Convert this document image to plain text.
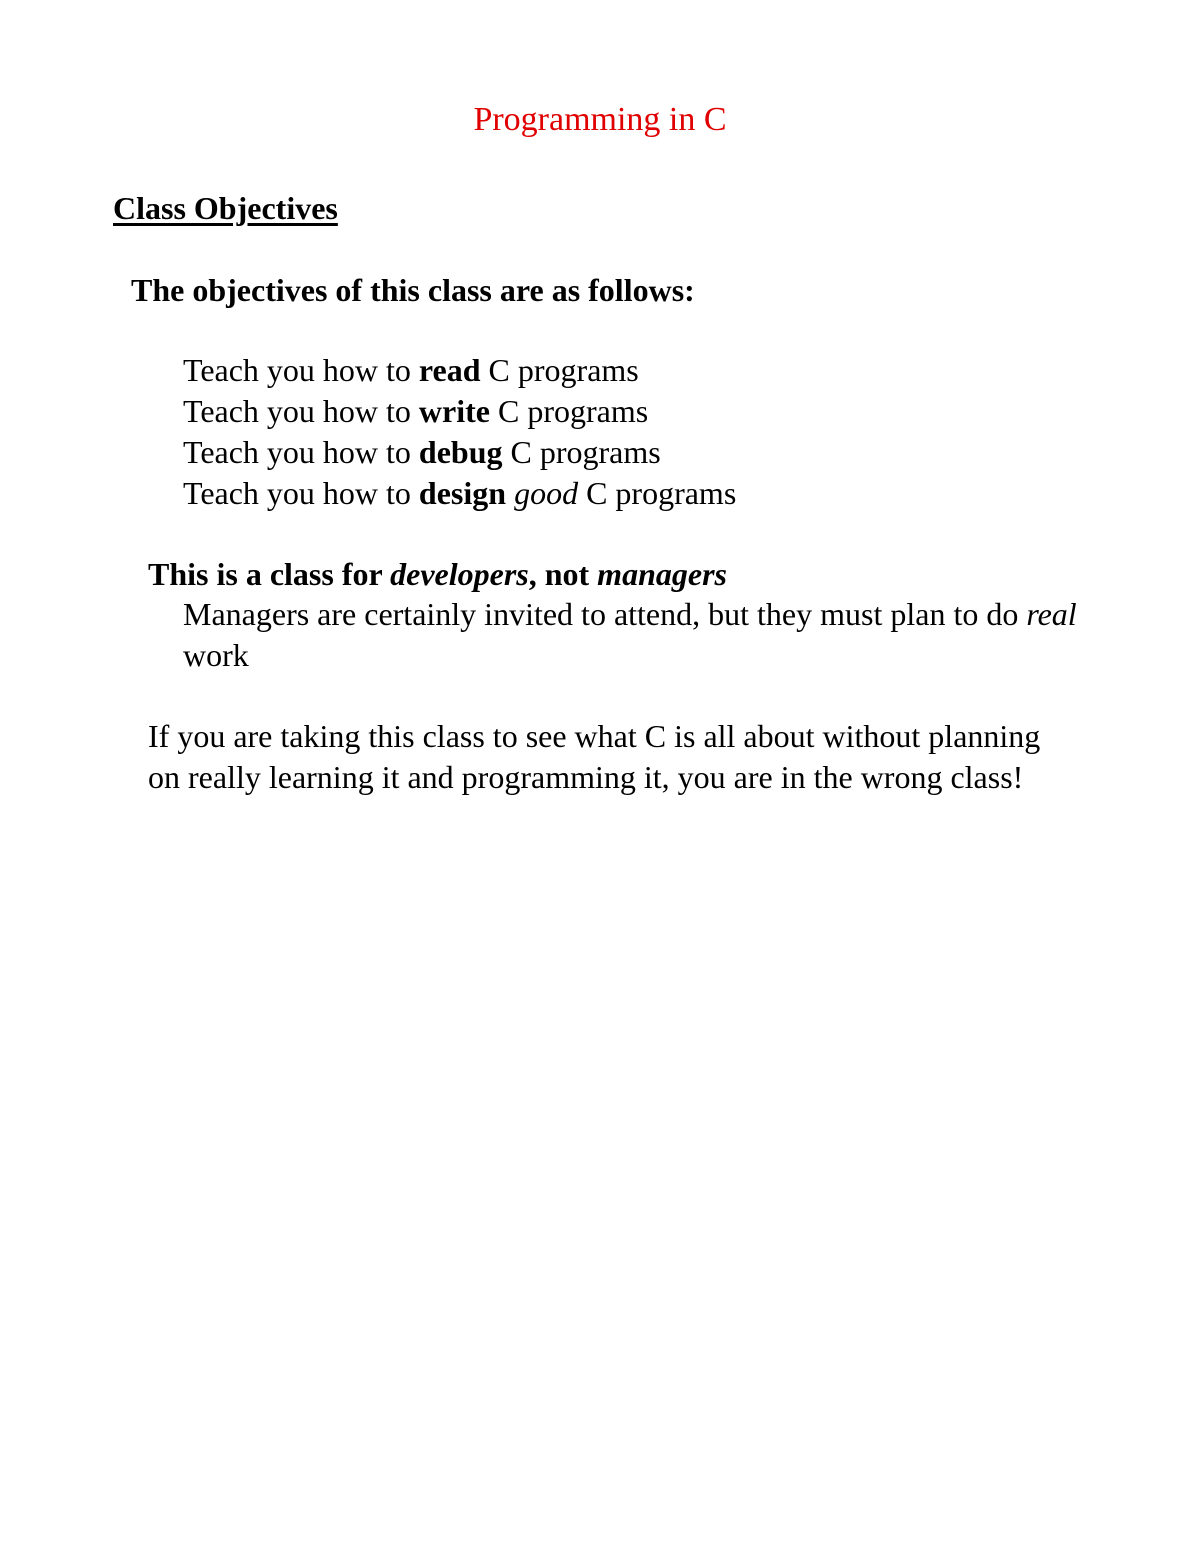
Programming in C
Class Objectives
The objectives of this class are as follows:
Teach you how to read C programs
Teach you how to write C programs
Teach you how to debug C programs
Teach you how to design good C programs
This is a class for developers, not managers
Managers are certainly invited to attend, but they must plan to do real work
If you are taking this class to see what C is all about without planning on really learning it and programming it, you are in the wrong class!
